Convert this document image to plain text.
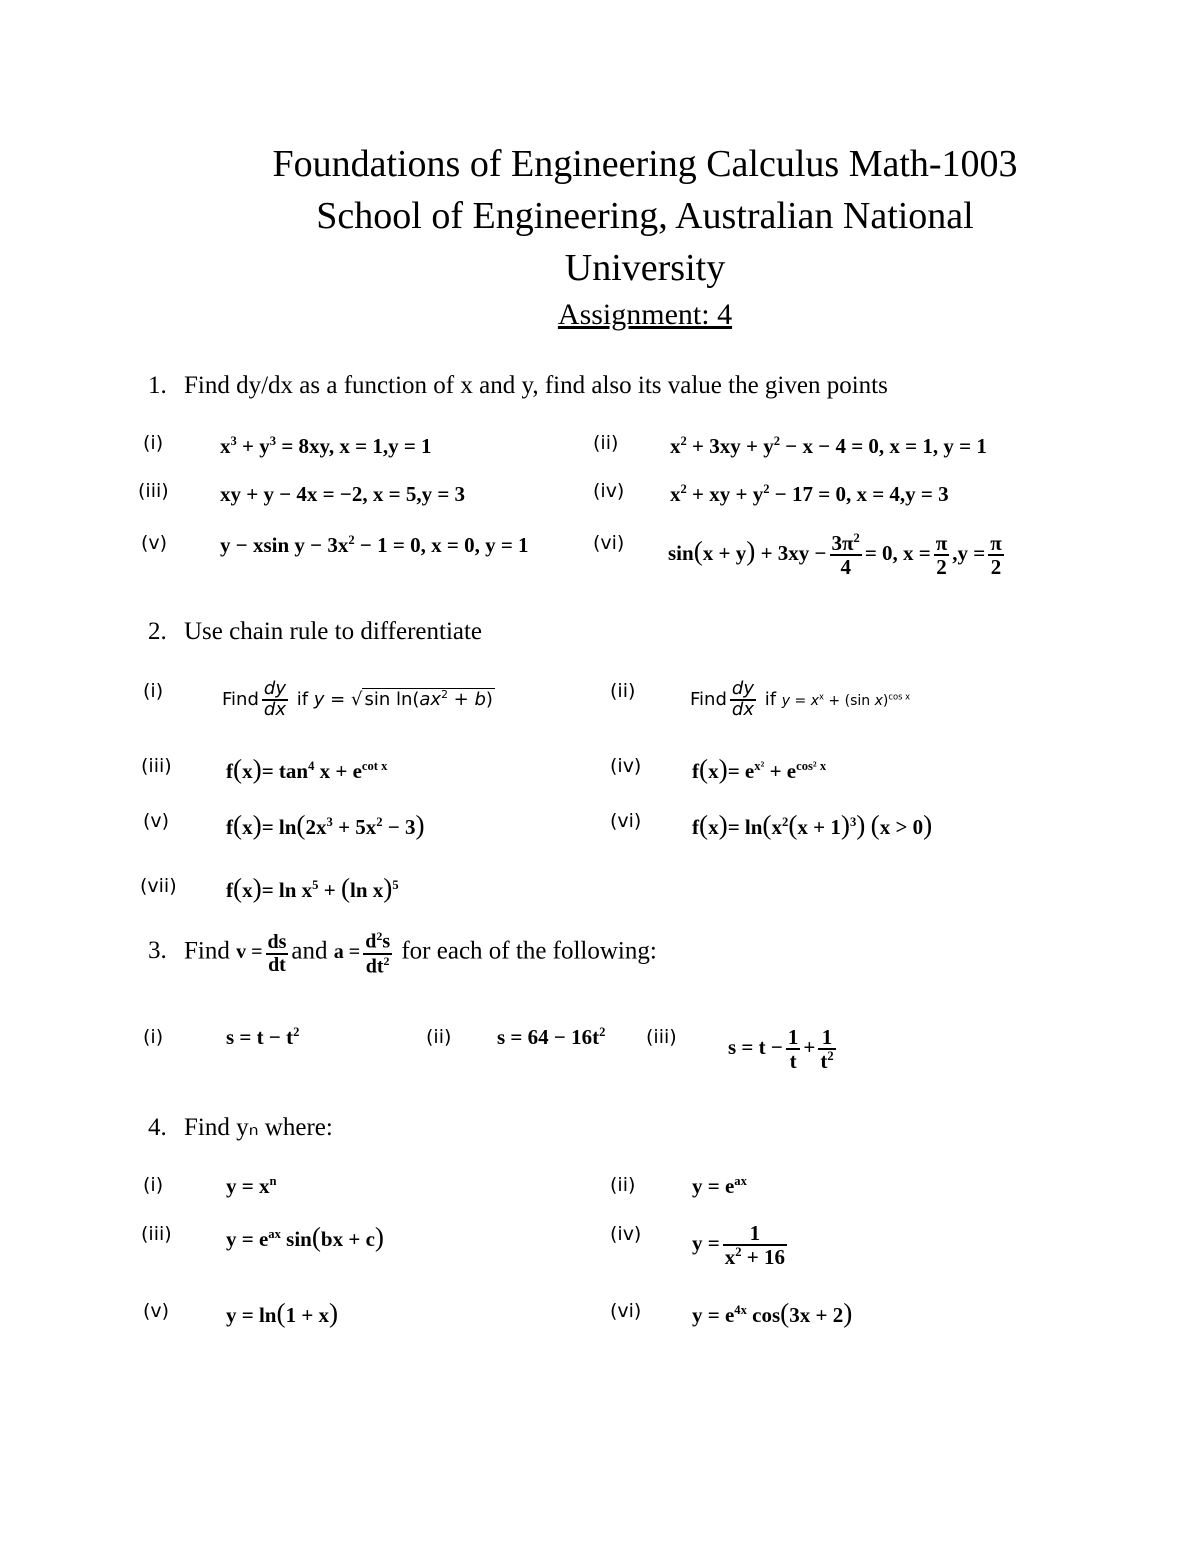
Foundations of Engineering Calculus Math-1003
School of Engineering, Australian National
University
Assignment: 4
1. Find dy/dx as a function of x and y, find also its value the given points
(i)	$x^3 + y^3 = 8xy$, x = 1,y = 1	(ii) $x^2 + 3xy + y^2 - x - 4 = 0$, x = 1, y = 1
(iii) xy + y − 4x = −2, x = 5,y = 3	(iv) $x^2$ + xy + $y^2 - 17 = 0$, x = 4,y = 3
(v)	y − xsin $y - 3x^2 - 1 = 0$, x = 0, y = 1	(vi) $\sin(x + y) + 3xy - \frac{3\pi^2}{4} = 0$, $x = \frac{\pi}{2} ,y = \frac{\pi}{2}$
2. Use chain rule to differentiate
(i)	Find $\frac{dy}{dx}$ if y = √ $\sin \ln(ax^2 + b)$	(ii)	Find $\frac{dy}{dx}$ if $y = x^x + (\sin$ x)$^{cos x}$
(iii)	$f(x)= \tan^4 x + e^{cot x}$	(iv) $f(x)= e^{x^2} + e^{cos^2 x}$
(v)	$f(x)= \ln(2x^3 + 5x^2 - 3)$	(vi) $f(x)= \ln(x^2(x + 1)^3) (x > 0)$
(vii) $f(x)= \ln x^5 + (\ln$ x)$^5$
3. Find $v = \frac{ds}{dt}$ and $a = \frac{d^2s}{dt^2}$ for each of the following:
(i)	$s = t - t^2$	(ii) $s = 64 - 16t^2$ (iii) $s = t - \frac{1}{t} + \frac{1}{t^2}$
4. Find yₙ where:
(i)	$y = x^n$	(ii)	$y = e^{ax}$
(iii)	$y = e^{ax}$ sin(bx + c)	(iv) $y = \frac{1}{x^2 + 16}$
(v)	y = ln(1 + x)	(vi) $y = e^{4x}$ cos(3x + 2)
